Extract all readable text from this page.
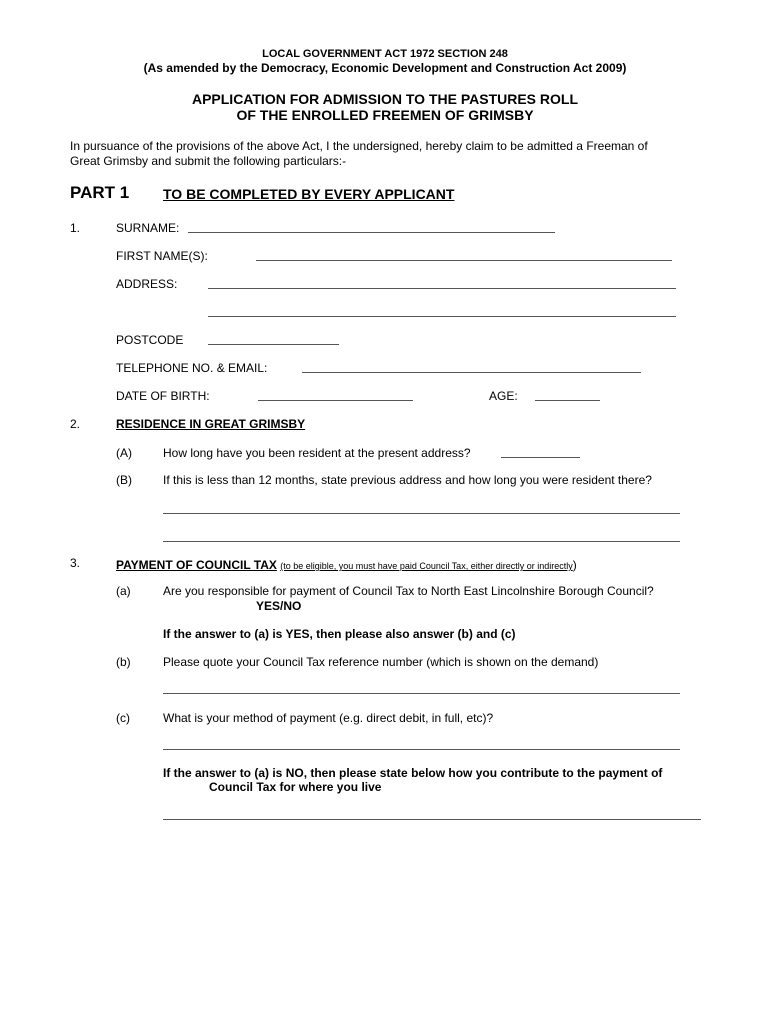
LOCAL GOVERNMENT ACT 1972 SECTION 248
(As amended by the Democracy, Economic Development and Construction Act 2009)
APPLICATION FOR ADMISSION TO THE PASTURES ROLL
OF THE ENROLLED FREEMEN OF GRIMSBY
In pursuance of the provisions of the above Act, I the undersigned, hereby claim to be admitted a Freeman of
Great Grimsby and submit the following particulars:-
PART 1 TO BE COMPLETED BY EVERY APPLICANT
1.	SURNAME:
FIRST NAME(S):
ADDRESS:
POSTCODE
TELEPHONE NO. & EMAIL:
DATE OF BIRTH:	AGE:
2.	RESIDENCE IN GREAT GRIMSBY
(A)	How long have you been resident at the present address?
(B)	If this is less than 12 months, state previous address and how long you were resident there?
3.	PAYMENT OF COUNCIL TAX (to be eligible, you must have paid Council Tax, either directly or indirectly)
(a)	Are you responsible for payment of Council Tax to North East Lincolnshire Borough Council?
YES/NO
If the answer to (a) is YES, then please also answer (b) and (c)
(b)	Please quote your Council Tax reference number (which is shown on the demand)
(c)	What is your method of payment (e.g. direct debit, in full, etc)?
If the answer to (a) is NO, then please state below how you contribute to the payment of
Council Tax for where you live
